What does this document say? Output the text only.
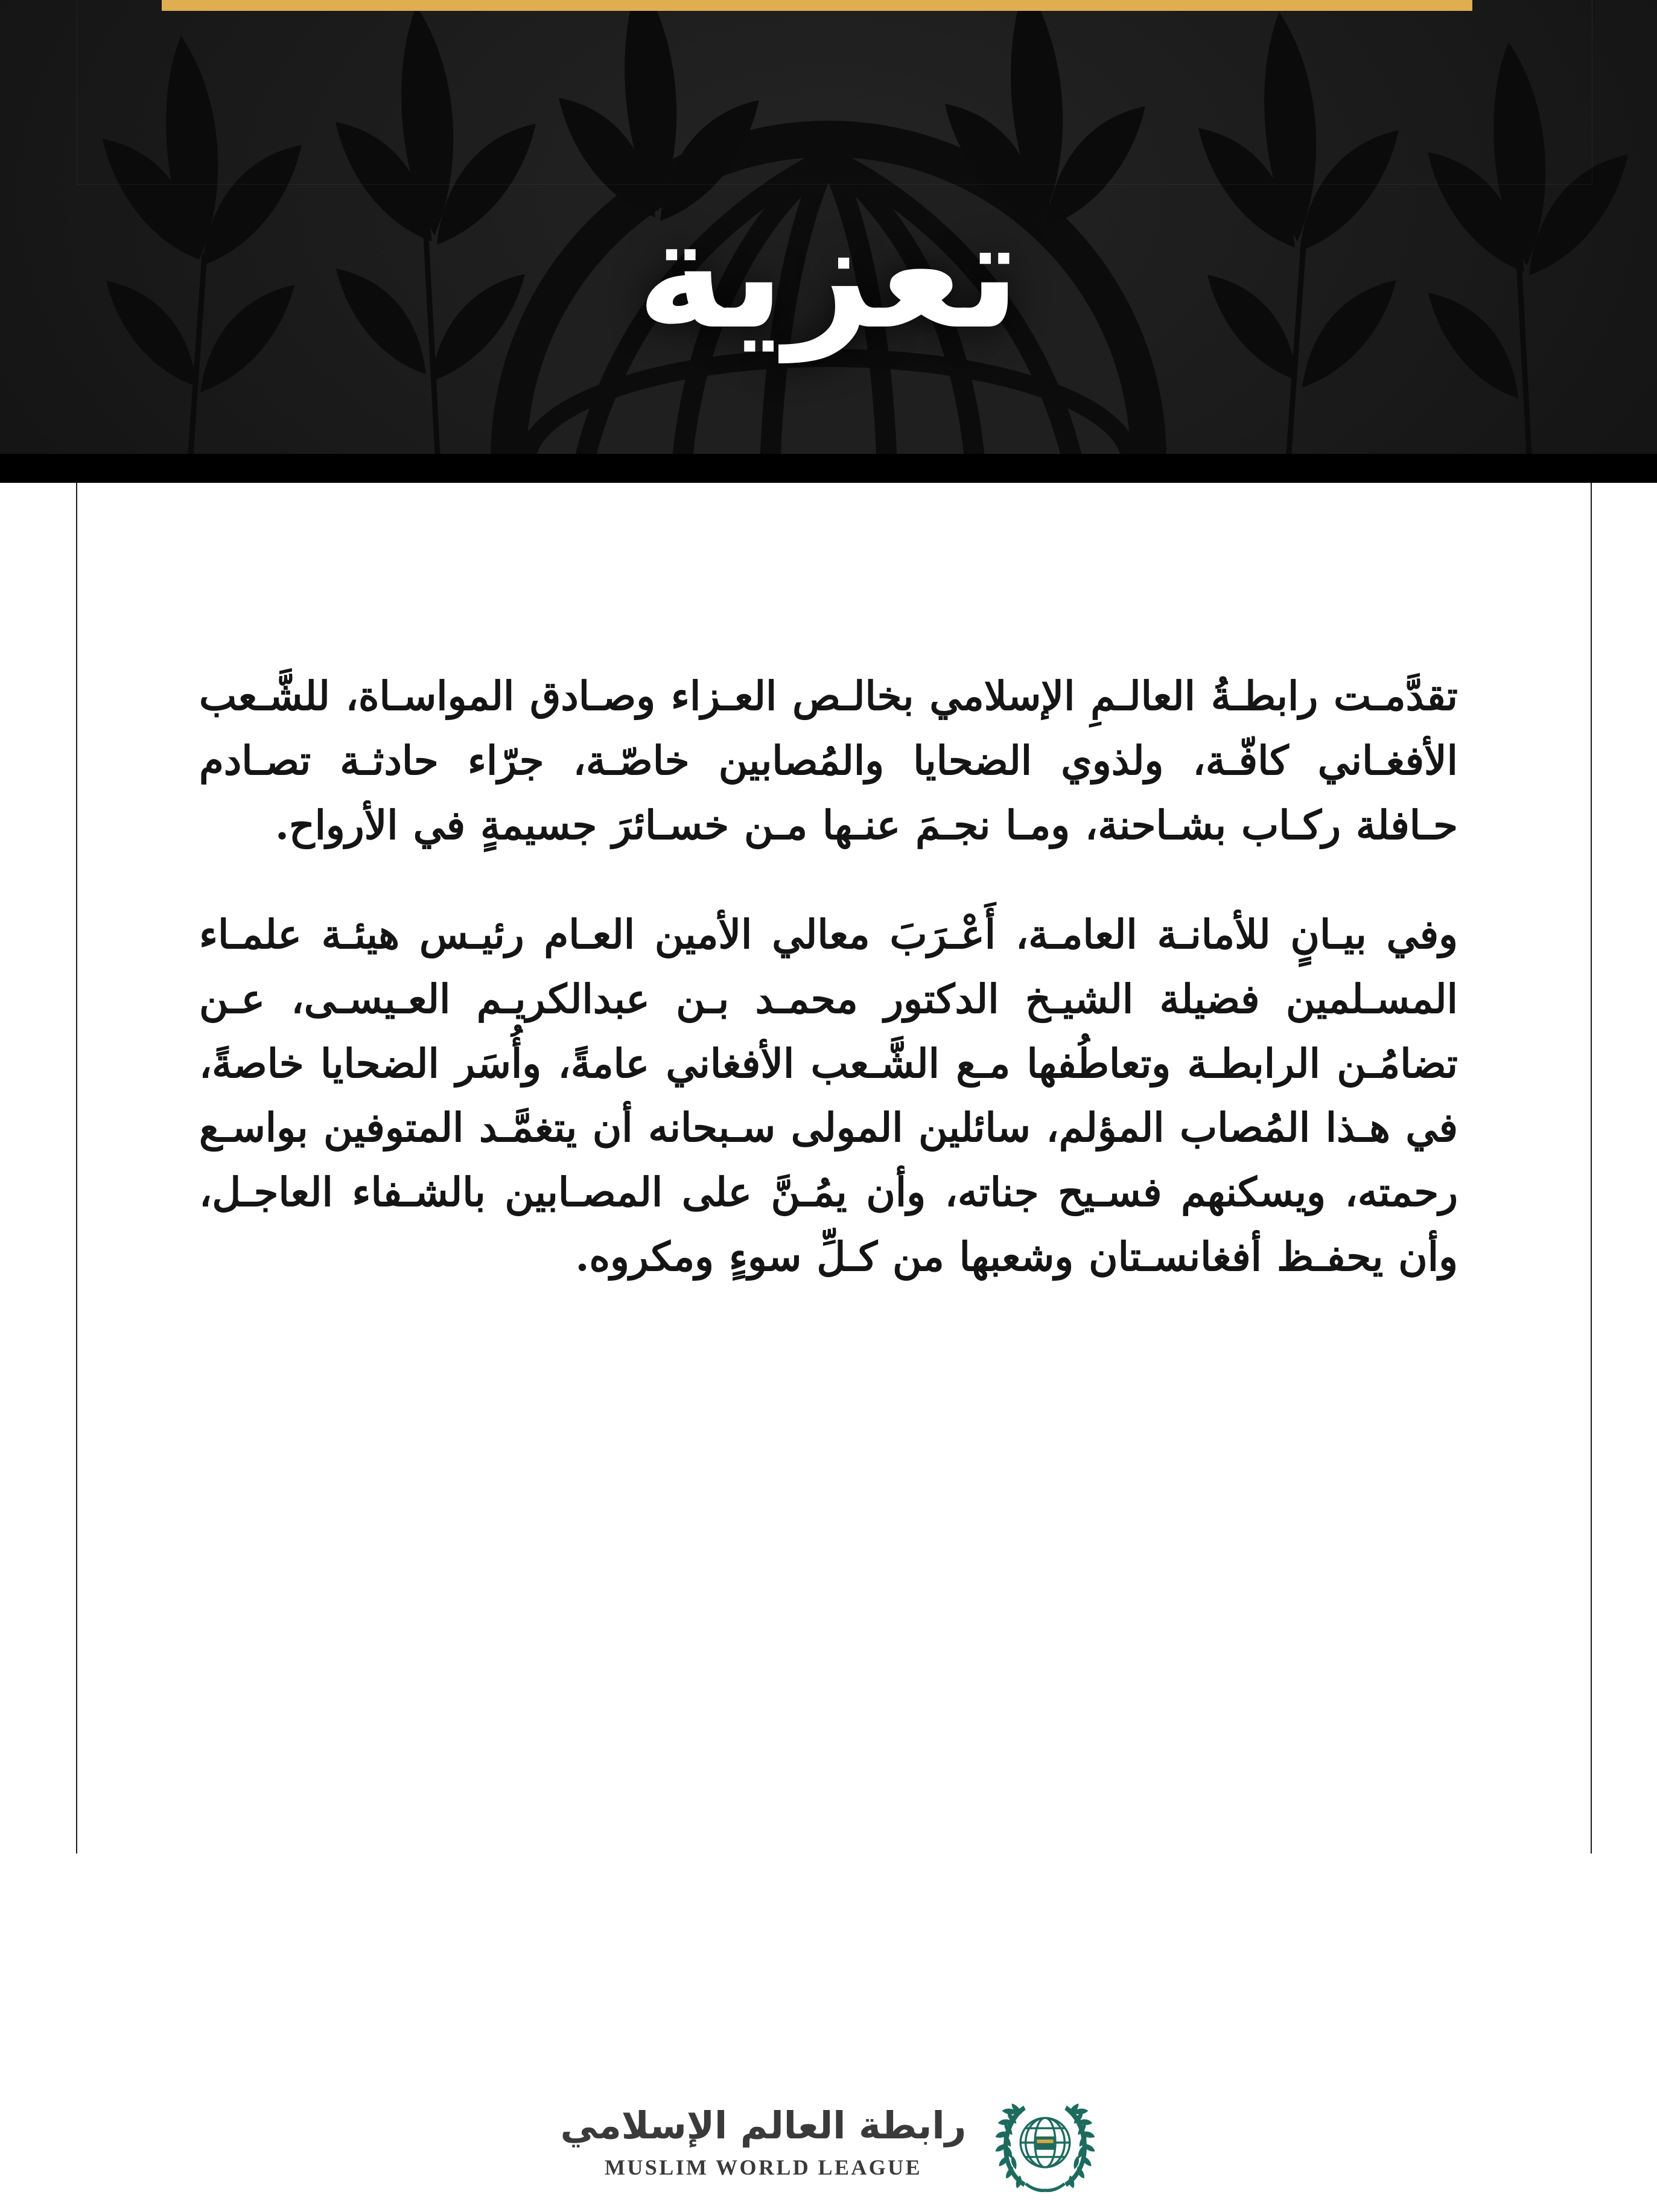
تعزية

تقدَّمـت رابطـةُ العالـمِ الإسلامي بخالـص العـزاء وصـادق المواسـاة، للشَّـعب الأفغـاني كافّـة، ولذوي الضحايا والمُصابين خاصّـة، جرّاء حادثـة تصـادم حـافلة ركـاب بشـاحنة، ومـا نجـمَ عنـها مـن خسـائرَ جسيمةٍ في الأرواح.

وفي بيـانٍ للأمانـة العامـة، أَعْـرَبَ معالي الأمين العـام رئيـس هيئـة علمـاء المسـلمين فضيلة الشيـخ الدكتور محمـد بـن عبدالكريـم العـيسـى، عـن تضامُـن الرابطـة وتعاطُفها مـع الشَّـعب الأفغاني عامةً، وأُسَر الضحايا خاصةً، في هـذا المُصاب المؤلم، سائلين المولى سـبحانه أن يتغمَّـد المتوفين بواسـع رحمته، ويسكنهم فسـيح جناته، وأن يمُـنَّ على المصـابين بالشـفاء العاجـل، وأن يحفـظ أفغانسـتان وشعبها من كـلِّ سوءٍ ومكروه.

رابطة العالم الإسلامي
MUSLIM WORLD LEAGUE
